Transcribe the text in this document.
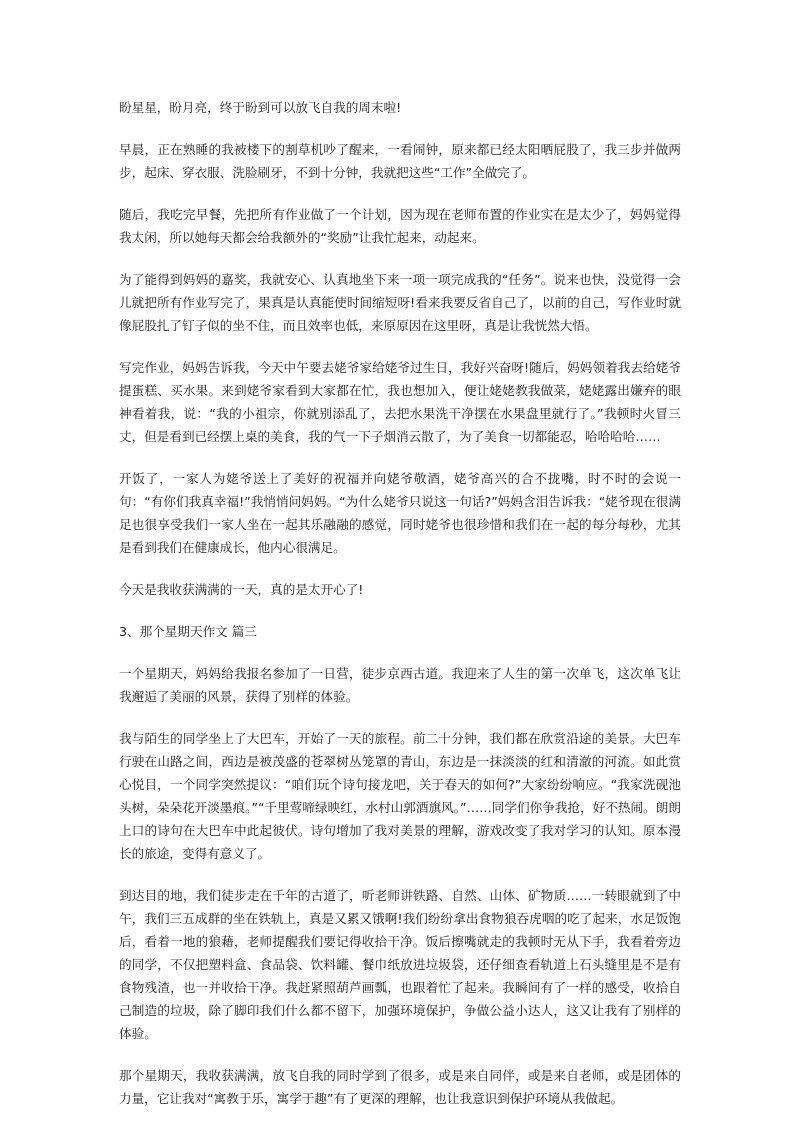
盼星星，盼月亮，终于盼到可以放飞自我的周末啦!

早晨，正在熟睡的我被楼下的割草机吵了醒来，一看闹钟，原来都已经太阳晒屁股了，我三步并做两步，起床、穿衣服、洗脸刷牙，不到十分钟，我就把这些“工作”全做完了。

随后，我吃完早餐，先把所有作业做了一个计划，因为现在老师布置的作业实在是太少了，妈妈觉得我太闲，所以她每天都会给我额外的“奖励”让我忙起来，动起来。

为了能得到妈妈的嘉奖，我就安心、认真地坐下来一项一项完成我的“任务”。说来也快，没觉得一会儿就把所有作业写完了，果真是认真能使时间缩短呀!看来我要反省自己了，以前的自己，写作业时就像屁股扎了钉子似的坐不住，而且效率也低，来原原因在这里呀，真是让我恍然大悟。

写完作业，妈妈告诉我，今天中午要去姥爷家给姥爷过生日，我好兴奋呀!随后，妈妈领着我去给姥爷提蛋糕、买水果。来到姥爷家看到大家都在忙，我也想加入，便让姥姥教我做菜，姥姥露出嫌弃的眼神看着我，说：“我的小祖宗，你就别添乱了，去把水果洗干净摆在水果盘里就行了。”我顿时火冒三丈，但是看到已经摆上桌的美食，我的气一下子烟消云散了，为了美食一切都能忍，哈哈哈哈……

开饭了，一家人为姥爷送上了美好的祝福并向姥爷敬酒，姥爷高兴的合不拢嘴，时不时的会说一句：“有你们我真幸福!”我悄悄问妈妈。“为什么姥爷只说这一句话?”妈妈含泪告诉我：“姥爷现在很满足也很享受我们一家人坐在一起其乐融融的感觉，同时姥爷也很珍惜和我们在一起的每分每秒，尤其是看到我们在健康成长，他内心很满足。

今天是我收获满满的一天，真的是太开心了!

3、那个星期天作文 篇三

一个星期天，妈妈给我报名参加了一日营，徒步京西古道。我迎来了人生的第一次单飞，这次单飞让我邂逅了美丽的风景，获得了别样的体验。

我与陌生的同学坐上了大巴车，开始了一天的旅程。前二十分钟，我们都在欣赏沿途的美景。大巴车行驶在山路之间，西边是被茂盛的苍翠树丛笼罩的青山，东边是一抹淡淡的红和清澈的河流。如此赏心悦目，一个同学突然提议：“咱们玩个诗句接龙吧，关于春天的如何?”大家纷纷响应。“我家洗砚池头树，朵朵花开淡墨痕。”“千里莺啼绿映红，水村山郭酒旗风。”……同学们你争我抢，好不热闹。朗朗上口的诗句在大巴车中此起彼伏。诗句增加了我对美景的理解，游戏改变了我对学习的认知。原本漫长的旅途，变得有意义了。

到达目的地，我们徒步走在千年的古道了，听老师讲铁路、自然、山体、矿物质……一转眼就到了中午，我们三五成群的坐在铁轨上，真是又累又饿啊!我们纷纷拿出食物狼吞虎咽的吃了起来，水足饭饱后，看着一地的狼藉，老师提醒我们要记得收拾干净。饭后擦嘴就走的我顿时无从下手，我看着旁边的同学，不仅把塑料盒、食品袋、饮料罐、餐巾纸放进垃圾袋，还仔细查看轨道上石头缝里是不是有食物残渣，也一并收拾干净。我赶紧照葫芦画瓢，也跟着忙了起来。我瞬间有了一样的感受，收拾自己制造的垃圾，除了脚印我们什么都不留下，加强环境保护，争做公益小达人，这又让我有了别样的体验。

那个星期天，我收获满满，放飞自我的同时学到了很多，或是来自同伴，或是来自老师，或是团体的力量，它让我对“寓教于乐，寓学于趣”有了更深的理解，也让我意识到保护环境从我做起。
